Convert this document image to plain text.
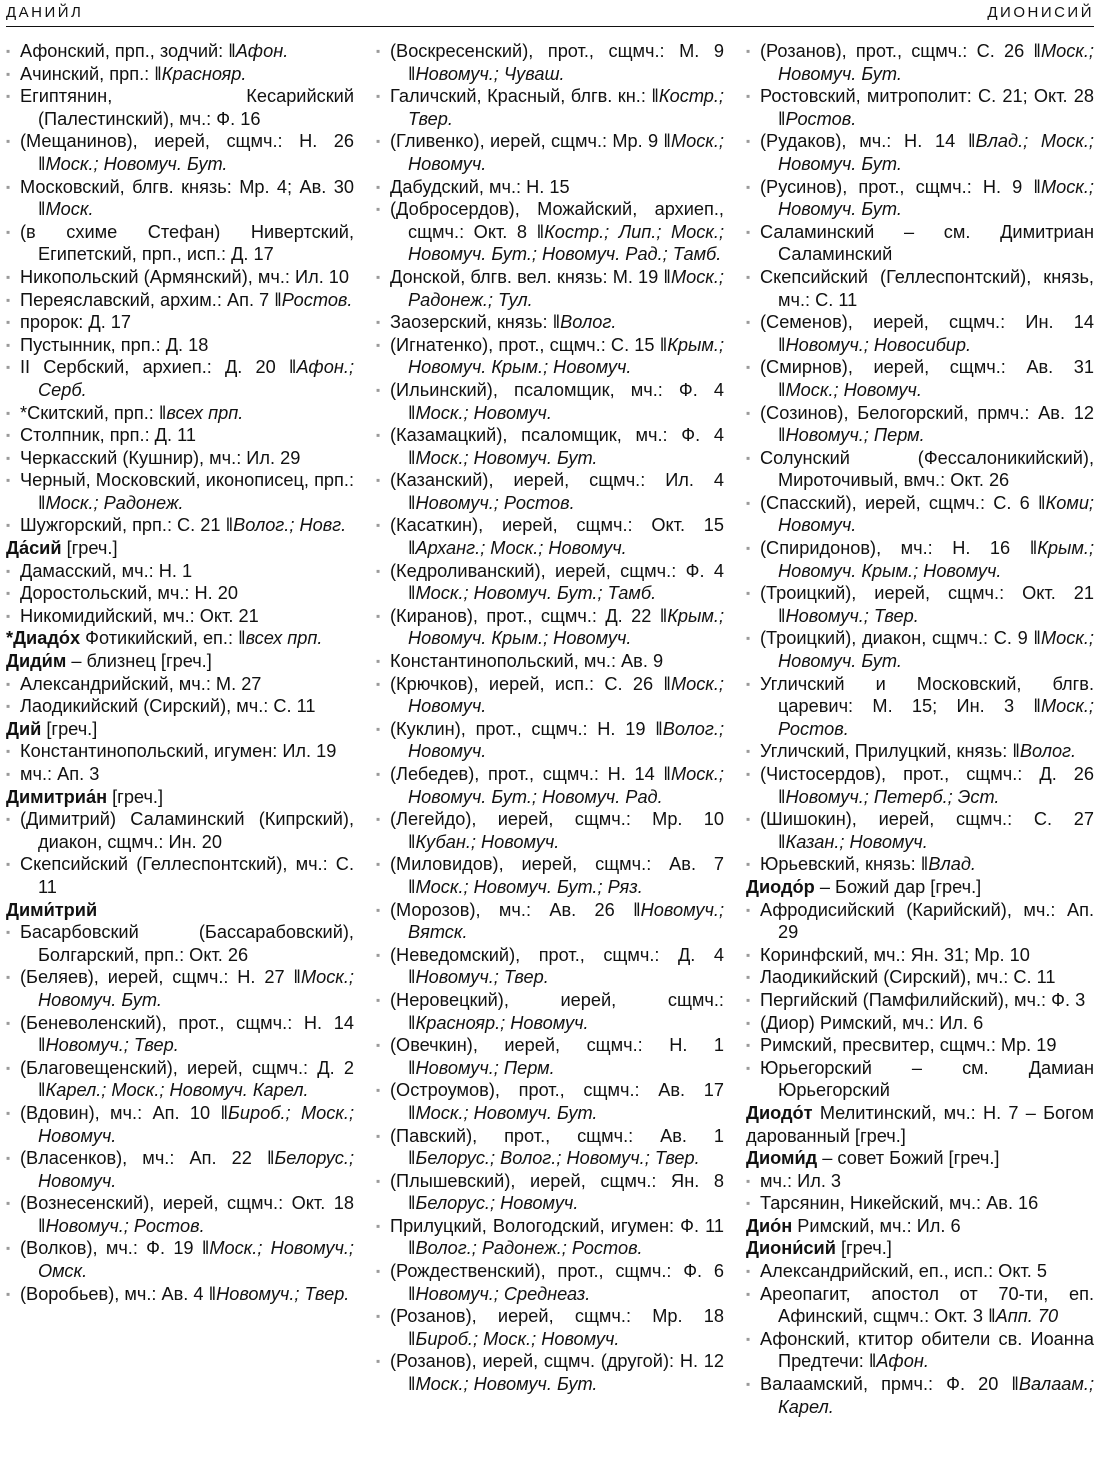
ДАНИЙЛ	ДИОНИСИЙ
▪ Афонский, прп., зодчий: ‖Афон.
▪ Ачинский, прп.: ‖Краснояр.
▪ Египтянин, Кесарийский (Палестинский), мч.: Ф. 16
▪ (Мещанинов), иерей, сщмч.: Н. 26 ‖Моск.; Новомуч. Бут.
▪ Московский, блгв. князь: Мр. 4; Ав. 30 ‖Моск.
▪ (в схиме Стефан) Нивертский, Египетский, прп., исп.: Д. 17
▪ Никопольский (Армянский), мч.: Ил. 10
▪ Переяславский, архим.: Ап. 7 ‖Ростов.
▪ пророк: Д. 17
▪ Пустынник, прп.: Д. 18
▪ II Сербский, архиеп.: Д. 20 ‖Афон.; Серб.
▪ *Скитский, прп.: ‖всех прп.
▪ Столпник, прп.: Д. 11
▪ Черкасский (Кушнир), мч.: Ил. 29
▪ Черный, Московский, иконописец, прп.: ‖Моск.; Радонеж.
▪ Шужгорский, прп.: С. 21 ‖Волог.; Новг.
Да́сий [греч.]
▪ Дамасский, мч.: Н. 1
▪ Доростольский, мч.: Н. 20
▪ Никомидийский, мч.: Окт. 21
*Диадо́х Фотикийский, еп.: ‖всех прп.
Диди́м – близнец [греч.]
▪ Александрийский, мч.: М. 27
▪ Лаодикийский (Сирский), мч.: С. 11
Дий [греч.]
▪ Константинопольский, игумен: Ил. 19
▪ мч.: Ап. 3
Димитриа́н [греч.]
▪ (Димитрий) Саламинский (Кипрский), диакон, сщмч.: Ин. 20
▪ Скепсийский (Геллеспонтский), мч.: С. 11
Дими́трий
▪ Басарбовский (Бассарабовский), Болгарский, прп.: Окт. 26
▪ (Беляев), иерей, сщмч.: Н. 27 ‖Моск.; Новомуч. Бут.
▪ (Беневоленский), прот., сщмч.: Н. 14 ‖Новомуч.; Твер.
▪ (Благовещенский), иерей, сщмч.: Д. 2 ‖Карел.; Моск.; Новомуч. Карел.
▪ (Вдовин), мч.: Ап. 10 ‖Бироб.; Моск.; Новомуч.
▪ (Власенков), мч.: Ап. 22 ‖Белорус.; Новомуч.
▪ (Вознесенский), иерей, сщмч.: Окт. 18 ‖Новомуч.; Ростов.
▪ (Волков), мч.: Ф. 19 ‖Моск.; Новомуч.; Омск.
▪ (Воробьев), мч.: Ав. 4 ‖Новомуч.; Твер.
▪ (Воскресенский), прот., сщмч.: М. 9 ‖Новомуч.; Чуваш.
▪ Галичский, Красный, блгв. кн.: ‖Костр.; Твер.
▪ (Гливенко), иерей, сщмч.: Мр. 9 ‖Моск.; Новомуч.
▪ Дабудский, мч.: Н. 15
▪ (Добросердов), Можайский, архиеп., сщмч.: Окт. 8 ‖Костр.; Лип.; Моск.; Новомуч. Бут.; Новомуч. Рад.; Тамб.
▪ Донской, блгв. вел. князь: М. 19 ‖Моск.; Радонеж.; Тул.
▪ Заозерский, князь: ‖Волог.
▪ (Игнатенко), прот., сщмч.: С. 15 ‖Крым.; Новомуч. Крым.; Новомуч.
▪ (Ильинский), псаломщик, мч.: Ф. 4 ‖Моск.; Новомуч.
▪ (Казамацкий), псаломщик, мч.: Ф. 4 ‖Моск.; Новомуч. Бут.
▪ (Казанский), иерей, сщмч.: Ил. 4 ‖Новомуч.; Ростов.
▪ (Касаткин), иерей, сщмч.: Окт. 15 ‖Арханг.; Моск.; Новомуч.
▪ (Кедроливанский), иерей, сщмч.: Ф. 4 ‖Моск.; Новомуч. Бут.; Тамб.
▪ (Киранов), прот., сщмч.: Д. 22 ‖Крым.; Новомуч. Крым.; Новомуч.
▪ Константинопольский, мч.: Ав. 9
▪ (Крючков), иерей, исп.: С. 26 ‖Моск.; Новомуч.
▪ (Куклин), прот., сщмч.: Н. 19 ‖Волог.; Новомуч.
▪ (Лебедев), прот., сщмч.: Н. 14 ‖Моск.; Новомуч. Бут.; Новомуч. Рад.
▪ (Легейдо), иерей, сщмч.: Мр. 10 ‖Кубан.; Новомуч.
▪ (Миловидов), иерей, сщмч.: Ав. 7 ‖Моск.; Новомуч. Бут.; Ряз.
▪ (Морозов), мч.: Ав. 26 ‖Новомуч.; Вятск.
▪ (Неведомский), прот., сщмч.: Д. 4 ‖Новомуч.; Твер.
▪ (Неровецкий), иерей, сщмч.: ‖Краснояр.; Новомуч.
▪ (Овечкин), иерей, сщмч.: Н. 1 ‖Новомуч.; Перм.
▪ (Остроумов), прот., сщмч.: Ав. 17 ‖Моск.; Новомуч. Бут.
▪ (Павский), прот., сщмч.: Ав. 1 ‖Белорус.; Волог.; Новомуч.; Твер.
▪ (Плышевский), иерей, сщмч.: Ян. 8 ‖Белорус.; Новомуч.
▪ Прилуцкий, Вологодский, игумен: Ф. 11 ‖Волог.; Радонеж.; Ростов.
▪ (Рождественский), прот., сщмч.: Ф. 6 ‖Новомуч.; Среднеаз.
▪ (Розанов), иерей, сщмч.: Мр. 18 ‖Бироб.; Моск.; Новомуч.
▪ (Розанов), иерей, сщмч. (другой): Н. 12 ‖Моск.; Новомуч. Бут.
▪ (Розанов), прот., сщмч.: С. 26 ‖Моск.; Новомуч. Бут.
▪ Ростовский, митрополит: С. 21; Окт. 28 ‖Ростов.
▪ (Рудаков), мч.: Н. 14 ‖Влад.; Моск.; Новомуч. Бут.
▪ (Русинов), прот., сщмч.: Н. 9 ‖Моск.; Новомуч. Бут.
▪ Саламинский – см. Димитриан Саламинский
▪ Скепсийский (Геллеспонтский), князь, мч.: С. 11
▪ (Семенов), иерей, сщмч.: Ин. 14 ‖Новомуч.; Новосибир.
▪ (Смирнов), иерей, сщмч.: Ав. 31 ‖Моск.; Новомуч.
▪ (Созинов), Белогорский, прмч.: Ав. 12 ‖Новомуч.; Перм.
▪ Солунский (Фессалоникийский), Мироточивый, вмч.: Окт. 26
▪ (Спасский), иерей, сщмч.: С. 6 ‖Коми; Новомуч.
▪ (Спиридонов), мч.: Н. 16 ‖Крым.; Новомуч. Крым.; Новомуч.
▪ (Троицкий), иерей, сщмч.: Окт. 21 ‖Новомуч.; Твер.
▪ (Троицкий), диакон, сщмч.: С. 9 ‖Моск.; Новомуч. Бут.
▪ Угличский и Московский, блгв. царевич: М. 15; Ин. 3 ‖Моск.; Ростов.
▪ Угличский, Прилуцкий, князь: ‖Волог.
▪ (Чистосердов), прот., сщмч.: Д. 26 ‖Новомуч.; Петерб.; Эст.
▪ (Шишокин), иерей, сщмч.: С. 27 ‖Казан.; Новомуч.
▪ Юрьевский, князь: ‖Влад.
Диодо́р – Божий дар [греч.]
▪ Афродисийский (Карийский), мч.: Ап. 29
▪ Коринфский, мч.: Ян. 31; Мр. 10
▪ Лаодикийский (Сирский), мч.: С. 11
▪ Пергийский (Памфилийский), мч.: Ф. 3
▪ (Диор) Римский, мч.: Ил. 6
▪ Римский, пресвитер, сщмч.: Мр. 19
▪ Юрьегорский – см. Дамиан Юрьегорский
Диодо́т Мелитинский, мч.: Н. 7 – Богом дарованный [греч.]
Диоми́д – совет Божий [греч.]
▪ мч.: Ил. 3
▪ Тарсянин, Никейский, мч.: Ав. 16
Дио́н Римский, мч.: Ил. 6
Диони́сий [греч.]
▪ Александрийский, еп., исп.: Окт. 5
▪ Ареопагит, апостол от 70-ти, еп. Афинский, сщмч.: Окт. 3 ‖Апп. 70
▪ Афонский, ктитор обители св. Иоанна Предтечи: ‖Афон.
▪ Валаамский, прмч.: Ф. 20 ‖Валаам.; Карел.
